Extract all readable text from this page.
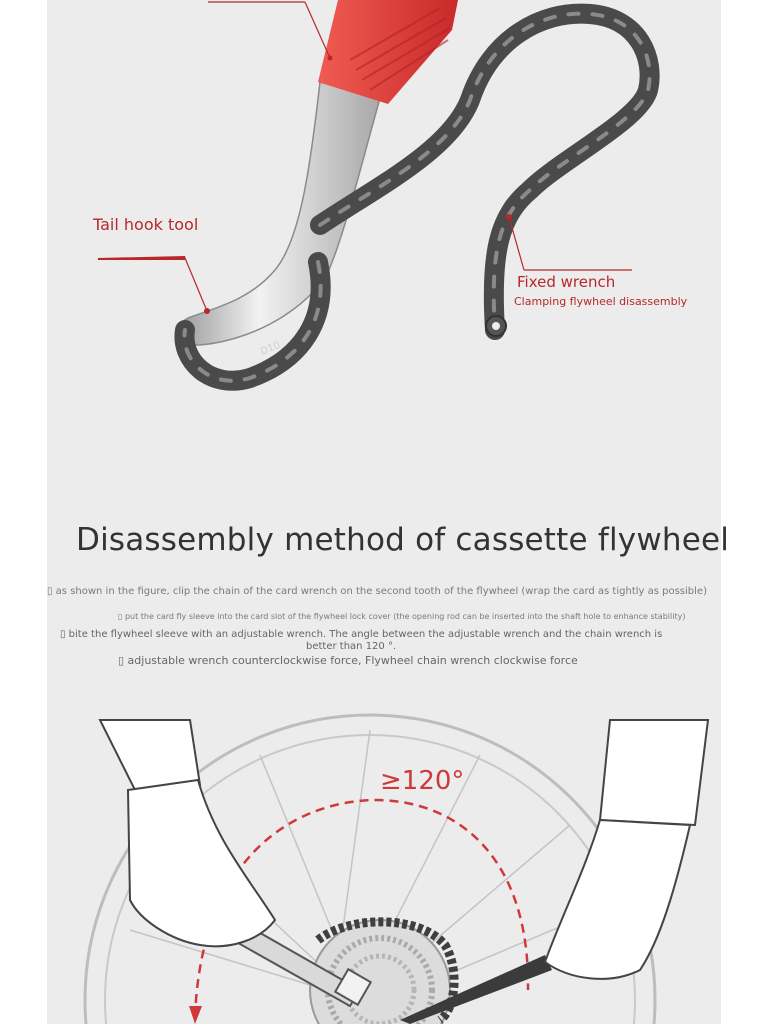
D10
Tail hook tool
Fixed wrench
Clamping flywheel disassembly
Disassembly method of cassette flywheel
▯ as shown in the figure, clip the chain of the card wrench on the second tooth of the flywheel (wrap the card as tightly as possible)
▯ put the card fly sleeve into the card slot of the flywheel lock cover (the opening rod can be inserted into the shaft hole to enhance stability)
▯ bite the flywheel sleeve with an adjustable wrench. The angle between the adjustable wrench and the chain wrench is
better than 120 °.
▯ adjustable wrench counterclockwise force, Flywheel chain wrench clockwise force
≥120°
